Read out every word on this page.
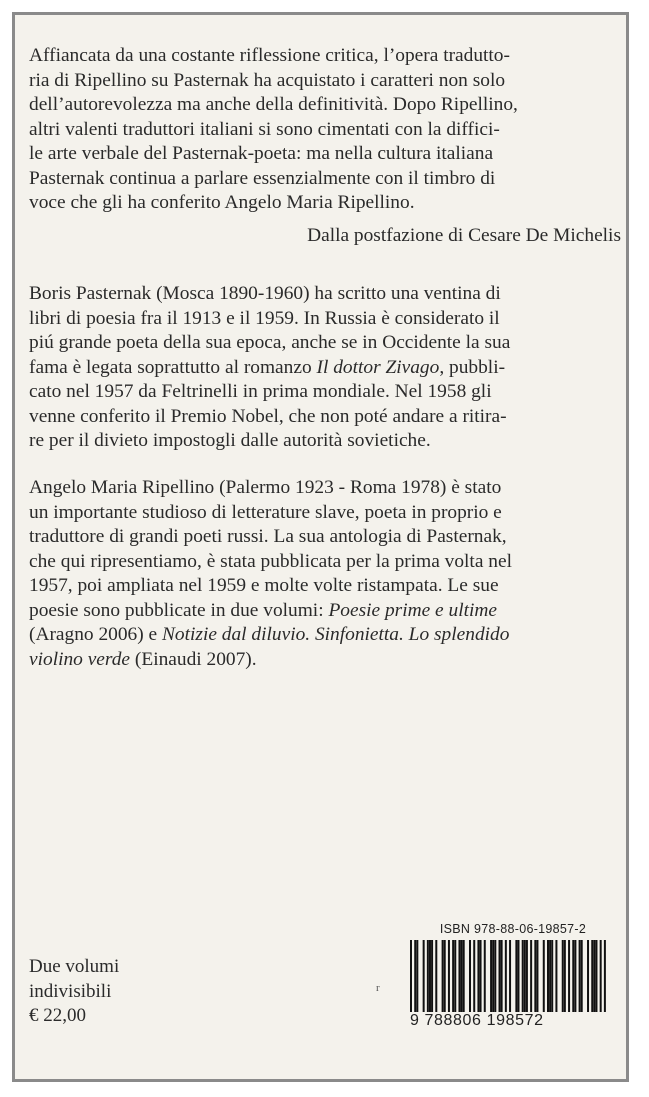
Affiancata da una costante riflessione critica, l’opera tradutto-
ria di Ripellino su Pasternak ha acquistato i caratteri non solo
dell’autorevolezza ma anche della definitività. Dopo Ripellino,
altri valenti traduttori italiani si sono cimentati con la diffici-
le arte verbale del Pasternak-poeta: ma nella cultura italiana
Pasternak continua a parlare essenzialmente con il timbro di
voce che gli ha conferito Angelo Maria Ripellino.

Dalla postfazione di Cesare De Michelis

Boris Pasternak (Mosca 1890-1960) ha scritto una ventina di
libri di poesia fra il 1913 e il 1959. In Russia è considerato il
piú grande poeta della sua epoca, anche se in Occidente la sua
fama è legata soprattutto al romanzo Il dottor Zivago, pubbli-
cato nel 1957 da Feltrinelli in prima mondiale. Nel 1958 gli
venne conferito il Premio Nobel, che non poté andare a ritira-
re per il divieto impostogli dalle autorità sovietiche.
Angelo Maria Ripellino (Palermo 1923 - Roma 1978) è stato
un importante studioso di letterature slave, poeta in proprio e
traduttore di grandi poeti russi. La sua antologia di Pasternak,
che qui ripresentiamo, è stata pubblicata per la prima volta nel
1957, poi ampliata nel 1959 e molte volte ristampata. Le sue
poesie sono pubblicate in due volumi: Poesie prime e ultime
(Aragno 2006) e Notizie dal diluvio. Sinfonietta. Lo splendido
violino verde (Einaudi 2007).
Due volumi
indivisibili
€ 22,00
r
ISBN 978-88-06-19857-2
9 788806 198572
